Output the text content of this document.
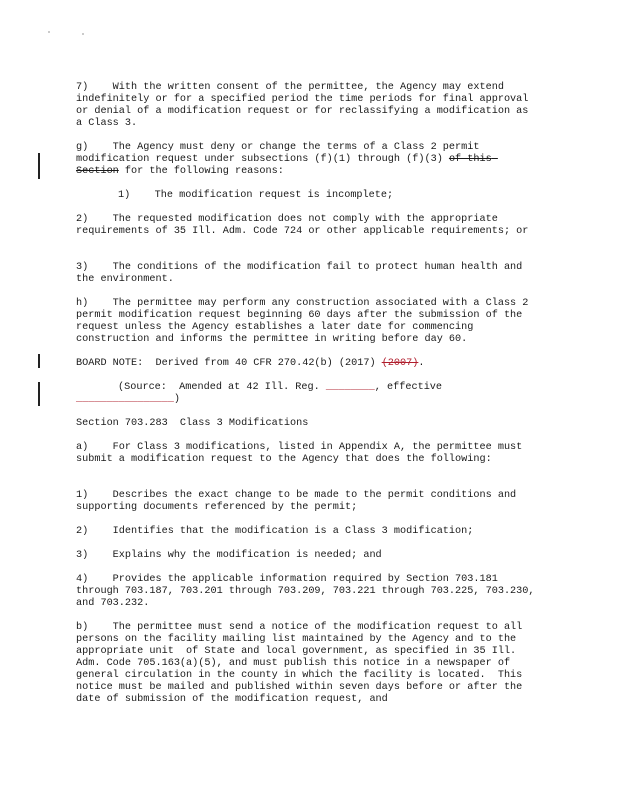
7)    With the written consent of the permittee, the Agency may extend indefinitely or for a specified period the time periods for final approval or denial of a modification request or for reclassifying a modification as a Class 3.
g)    The Agency must deny or change the terms of a Class 2 permit modification request under subsections (f)(1) through (f)(3) of this Section for the following reasons:
1)    The modification request is incomplete;
2)    The requested modification does not comply with the appropriate requirements of 35 Ill. Adm. Code 724 or other applicable requirements; or
3)    The conditions of the modification fail to protect human health and the environment.
h)    The permittee may perform any construction associated with a Class 2 permit modification request beginning 60 days after the submission of the request unless the Agency establishes a later date for commencing construction and informs the permittee in writing before day 60.
BOARD NOTE:  Derived from 40 CFR 270.42(b) (2017) (2007).
(Source:  Amended at 42 Ill. Reg. ________, effective ________________)
Section 703.283  Class 3 Modifications
a)    For Class 3 modifications, listed in Appendix A, the permittee must submit a modification request to the Agency that does the following:
1)    Describes the exact change to be made to the permit conditions and supporting documents referenced by the permit;
2)    Identifies that the modification is a Class 3 modification;
3)    Explains why the modification is needed; and
4)    Provides the applicable information required by Section 703.181 through 703.187, 703.201 through 703.209, 703.221 through 703.225, 703.230, and 703.232.
b)    The permittee must send a notice of the modification request to all persons on the facility mailing list maintained by the Agency and to the appropriate unit  of State and local government, as specified in 35 Ill. Adm. Code 705.163(a)(5), and must publish this notice in a newspaper of general circulation in the county in which the facility is located.  This notice must be mailed and published within seven days before or after the date of submission of the modification request, and
